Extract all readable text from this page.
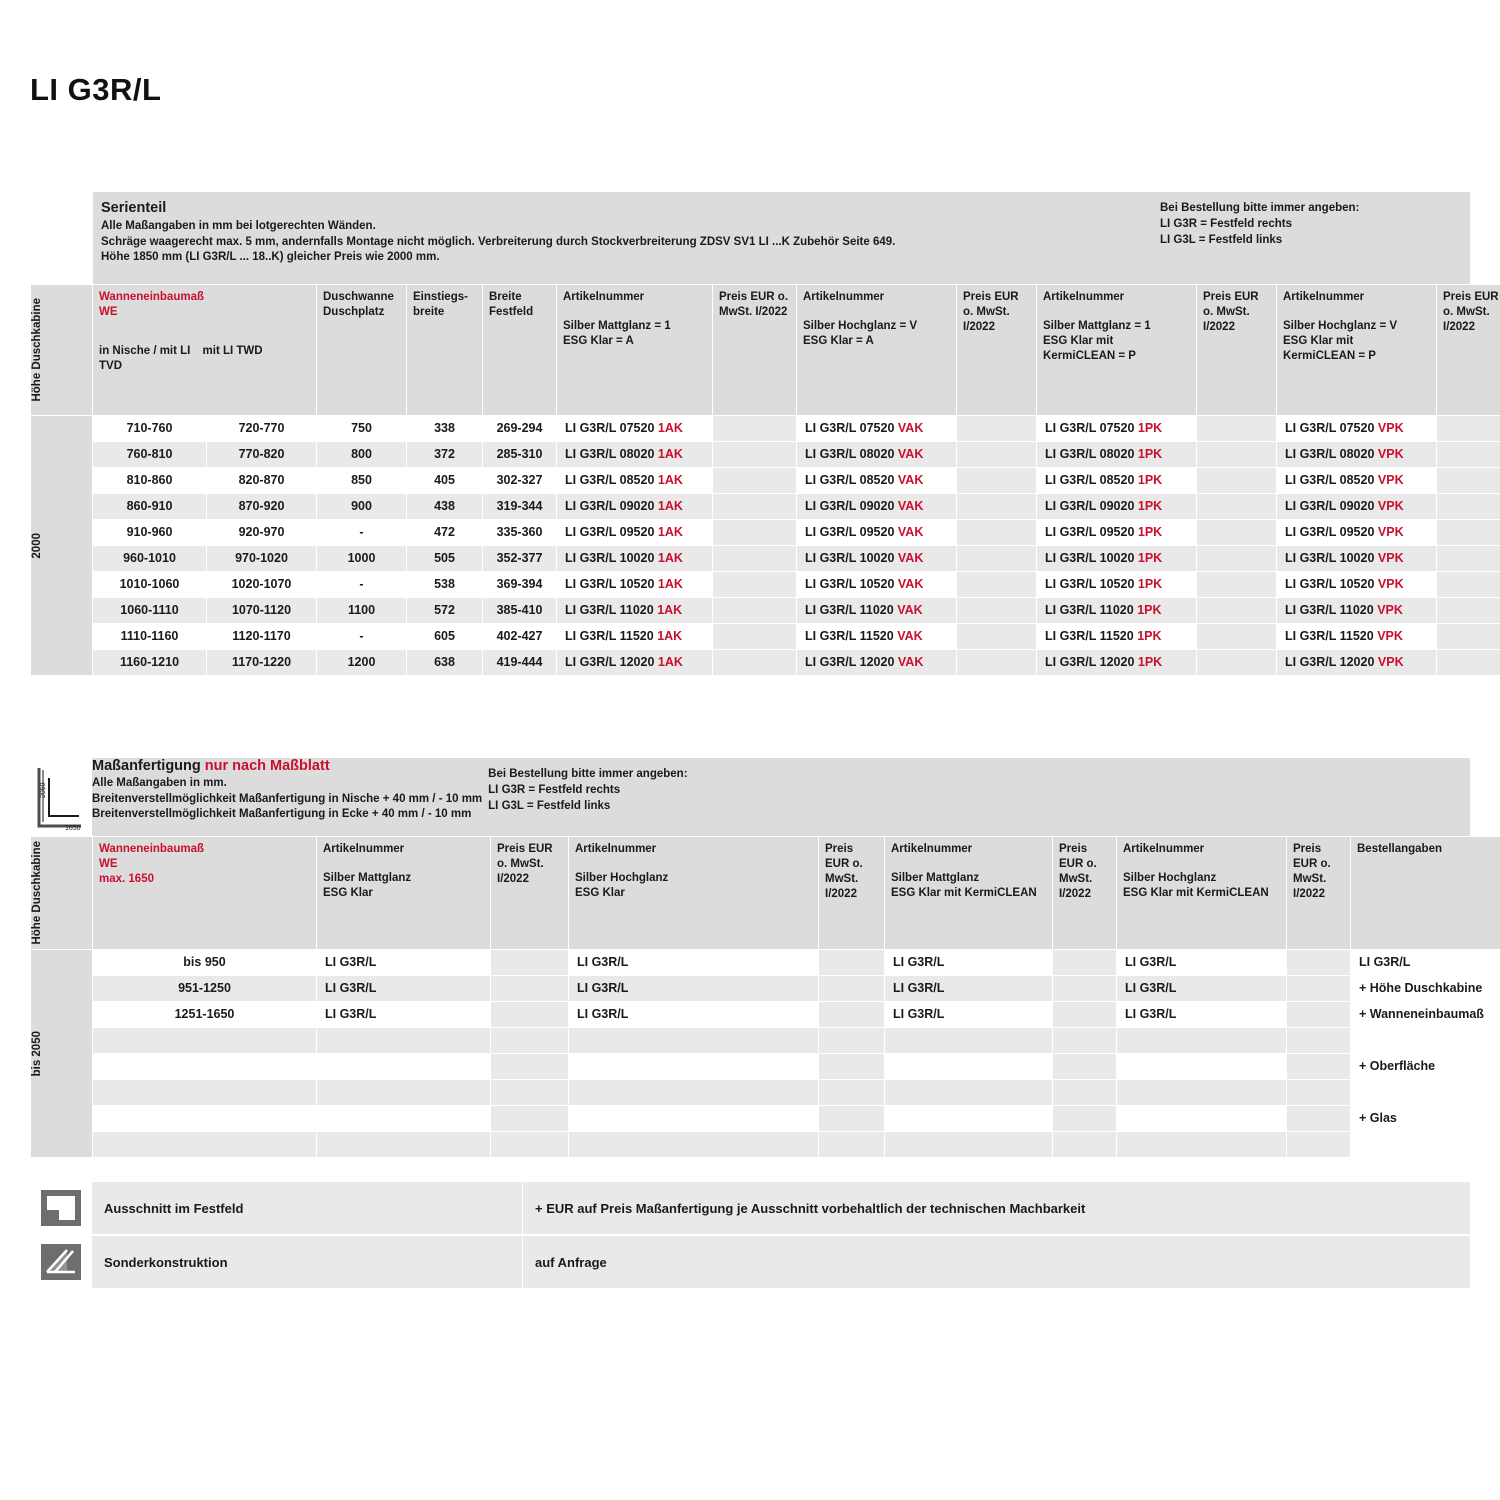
LI G3R/L
Serienteil
Alle Maßangaben in mm bei lotgerechten Wänden.
Schräge waagerecht max. 5 mm, andernfalls Montage nicht möglich. Verbreiterung durch Stockverbreiterung ZDSV SV1 LI ...K Zubehör Seite 649.
Höhe 1850 mm (LI G3R/L ... 18..K) gleicher Preis wie 2000 mm.
Bei Bestellung bitte immer angeben:
LI G3R = Festfeld rechts
LI G3L = Festfeld links
Höhe Duschkabine

Wanneneinbaumaß
WE
in Nische / mit LI TVD
mit LI TWD
	Duschwanne Duschplatz	Einstiegs- breite	Breite Festfeld	
Artikelnummer
Silber Mattglanz = 1
ESG Klar = A
	Preis EUR o. MwSt. I/2022	
Artikelnummer
Silber Hochglanz = V
ESG Klar = A
	Preis EUR o. MwSt. I/2022	
Artikelnummer
Silber Mattglanz = 1
ESG Klar mit
KermiCLEAN = P
	Preis EUR o. MwSt. I/2022	
Artikelnummer
Silber Hochglanz = V
ESG Klar mit
KermiCLEAN = P
	Preis EUR o. MwSt. I/2022

2000	710-760	720-770	750	338	269-294	LI G3R/L 07520 1AK		LI G3R/L 07520 VAK		LI G3R/L 07520 1PK		LI G3R/L 07520 VPK	
	760-810	770-820	800	372	285-310	LI G3R/L 08020 1AK		LI G3R/L 08020 VAK		LI G3R/L 08020 1PK		LI G3R/L 08020 VPK	
	810-860	820-870	850	405	302-327	LI G3R/L 08520 1AK		LI G3R/L 08520 VAK		LI G3R/L 08520 1PK		LI G3R/L 08520 VPK	
	860-910	870-920	900	438	319-344	LI G3R/L 09020 1AK		LI G3R/L 09020 VAK		LI G3R/L 09020 1PK		LI G3R/L 09020 VPK	
	910-960	920-970	-	472	335-360	LI G3R/L 09520 1AK		LI G3R/L 09520 VAK		LI G3R/L 09520 1PK		LI G3R/L 09520 VPK	
	960-1010	970-1020	1000	505	352-377	LI G3R/L 10020 1AK		LI G3R/L 10020 VAK		LI G3R/L 10020 1PK		LI G3R/L 10020 VPK	
	1010-1060	1020-1070	-	538	369-394	LI G3R/L 10520 1AK		LI G3R/L 10520 VAK		LI G3R/L 10520 1PK		LI G3R/L 10520 VPK	
	1060-1110	1070-1120	1100	572	385-410	LI G3R/L 11020 1AK		LI G3R/L 11020 VAK		LI G3R/L 11020 1PK		LI G3R/L 11020 VPK	
	1110-1160	1120-1170	-	605	402-427	LI G3R/L 11520 1AK		LI G3R/L 11520 VAK		LI G3R/L 11520 1PK		LI G3R/L 11520 VPK	
	1160-1210	1170-1220	1200	638	419-444	LI G3R/L 12020 1AK		LI G3R/L 12020 VAK		LI G3R/L 12020 1PK		LI G3R/L 12020 VPK	
2050
1650
Maßanfertigung nur nach Maßblatt
Alle Maßangaben in mm.
Breitenverstellmöglichkeit Maßanfertigung in Nische + 40 mm / - 10 mm
Breitenverstellmöglichkeit Maßanfertigung in Ecke + 40 mm / - 10 mm
Bei Bestellung bitte immer angeben:
LI G3R = Festfeld rechts
LI G3L = Festfeld links
Höhe Duschkabine	Wanneneinbaumaß
WE
max. 1650

Artikelnummer
Silber Mattglanz
ESG Klar
	Preis EUR o. MwSt. I/2022	
Artikelnummer
Silber Hochglanz
ESG Klar
	Preis EUR o. MwSt. I/2022	
Artikelnummer
Silber Mattglanz
ESG Klar mit KermiCLEAN
	Preis EUR o. MwSt. I/2022	
Artikelnummer
Silber Hochglanz
ESG Klar mit KermiCLEAN
	Preis EUR o. MwSt. I/2022	Bestellangaben

bis 2050	bis 950	LI G3R/L		LI G3R/L		LI G3R/L		LI G3R/L		LI G3R/L
	951-1250	LI G3R/L		LI G3R/L		LI G3R/L		LI G3R/L		+ Höhe Duschkabine
	1251-1650	LI G3R/L		LI G3R/L		LI G3R/L		LI G3R/L		+ Wanneneinbaumaß

										+ Oberfläche

										+ Glas

Ausschnitt im Festfeld	+ EUR auf Preis Maßanfertigung je Ausschnitt vorbehaltlich der technischen Machbarkeit
Sonderkonstruktion	auf Anfrage
